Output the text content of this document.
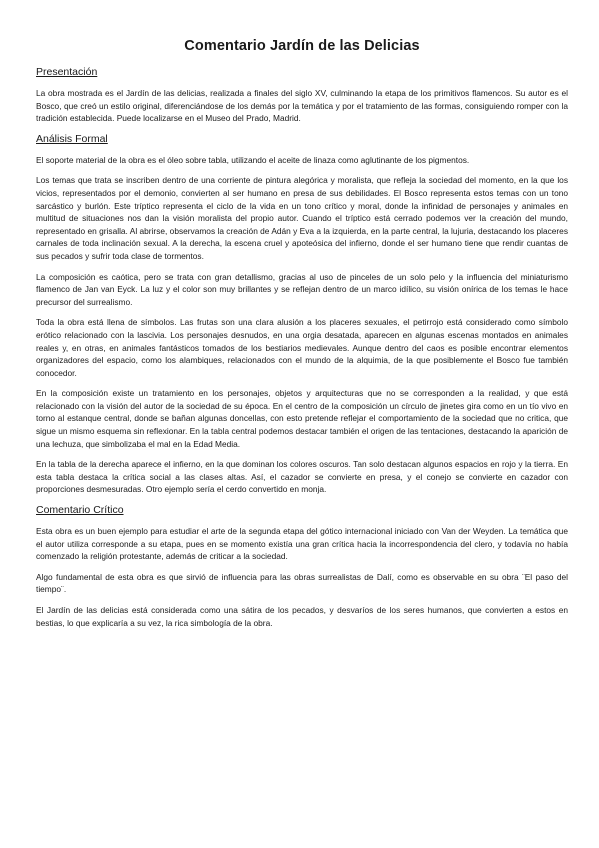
Comentario Jardín de las Delicias
Presentación

La obra mostrada es el Jardín de las delicias, realizada a finales del siglo XV, culminando la etapa de los primitivos flamencos. Su autor es el Bosco, que creó un estilo original, diferenciándose de los demás por la temática y por el tratamiento de las formas, consiguiendo romper con la tradición establecida. Puede localizarse en el Museo del Prado, Madrid.

Análisis Formal

El soporte material de la obra es el óleo sobre tabla, utilizando el aceite de linaza como aglutinante de los pigmentos.

Los temas que trata se inscriben dentro de una corriente de pintura alegórica y moralista, que refleja la sociedad del momento, en la que los vicios, representados por el demonio, convierten al ser humano en presa de sus debilidades. El Bosco representa estos temas con un tono sarcástico y burlón. Este tríptico representa el ciclo de la vida en un tono crítico y moral, donde la infinidad de personajes y animales en multitud de situaciones nos dan la visión moralista del propio autor. Cuando el tríptico está cerrado podemos ver la creación del mundo, representado en grisalla. Al abrirse, observamos la creación de Adán y Eva a la izquierda, en la parte central, la lujuria, destacando los placeres carnales de toda inclinación sexual. A la derecha, la escena cruel y apoteósica del infierno, donde el ser humano tiene que rendir cuantas de sus pecados y sufrir toda clase de tormentos.

La composición es caótica, pero se trata con gran detallismo, gracias al uso de pinceles de un solo pelo y la influencia del miniaturismo flamenco de Jan van Eyck. La luz y el color son muy brillantes y se reflejan dentro de un marco idílico, su visión onírica de los temas le hace precursor del surrealismo.

Toda la obra está llena de símbolos. Las frutas son una clara alusión a los placeres sexuales, el petirrojo está considerado como símbolo erótico relacionado con la lascivia. Los personajes desnudos, en una orgia desatada, aparecen en algunas escenas montados en animales reales y, en otras, en animales fantásticos tomados de los bestiarios medievales. Aunque dentro del caos es posible encontrar elementos organizadores del espacio, como los alambiques, relacionados con el mundo de la alquimia, de la que posiblemente el Bosco fue también conocedor.

En la composición existe un tratamiento en los personajes, objetos y arquitecturas que no se corresponden a la realidad, y que está relacionado con la visión del autor de la sociedad de su época. En el centro de la composición un círculo de jinetes gira como en un tío vivo en torno al estanque central, donde se bañan algunas doncellas, con esto pretende reflejar el comportamiento de la sociedad que no critica, que sigue un mismo esquema sin reflexionar. En la tabla central podemos destacar también el origen de las tentaciones, destacando la aparición de una lechuza, que simbolizaba el mal en la Edad Media.

En la tabla de la derecha aparece el infierno, en la que dominan los colores oscuros. Tan solo destacan algunos espacios en rojo y la tierra. En esta tabla destaca la crítica social a las clases altas. Así, el cazador se convierte en presa, y el conejo se convierte en cazador con proporciones desmesuradas. Otro ejemplo sería el cerdo convertido en monja.

Comentario Crítico

Esta obra es un buen ejemplo para estudiar el arte de la segunda etapa del gótico internacional iniciado con Van der Weyden. La temática que el autor utiliza corresponde a su etapa, pues en se momento existía una gran crítica hacia la incorrespondencia del clero, y todavía no había comenzado la religión protestante, además de criticar a la sociedad.

Algo fundamental de esta obra es que sirvió de influencia para las obras surrealistas de Dalí, como es observable en su obra ¨El paso del tiempo¨.

El Jardín de las delicias está considerada como una sátira de los pecados, y desvaríos de los seres humanos, que convierten a estos en bestias, lo que explicaría a su vez, la rica simbología de la obra.
